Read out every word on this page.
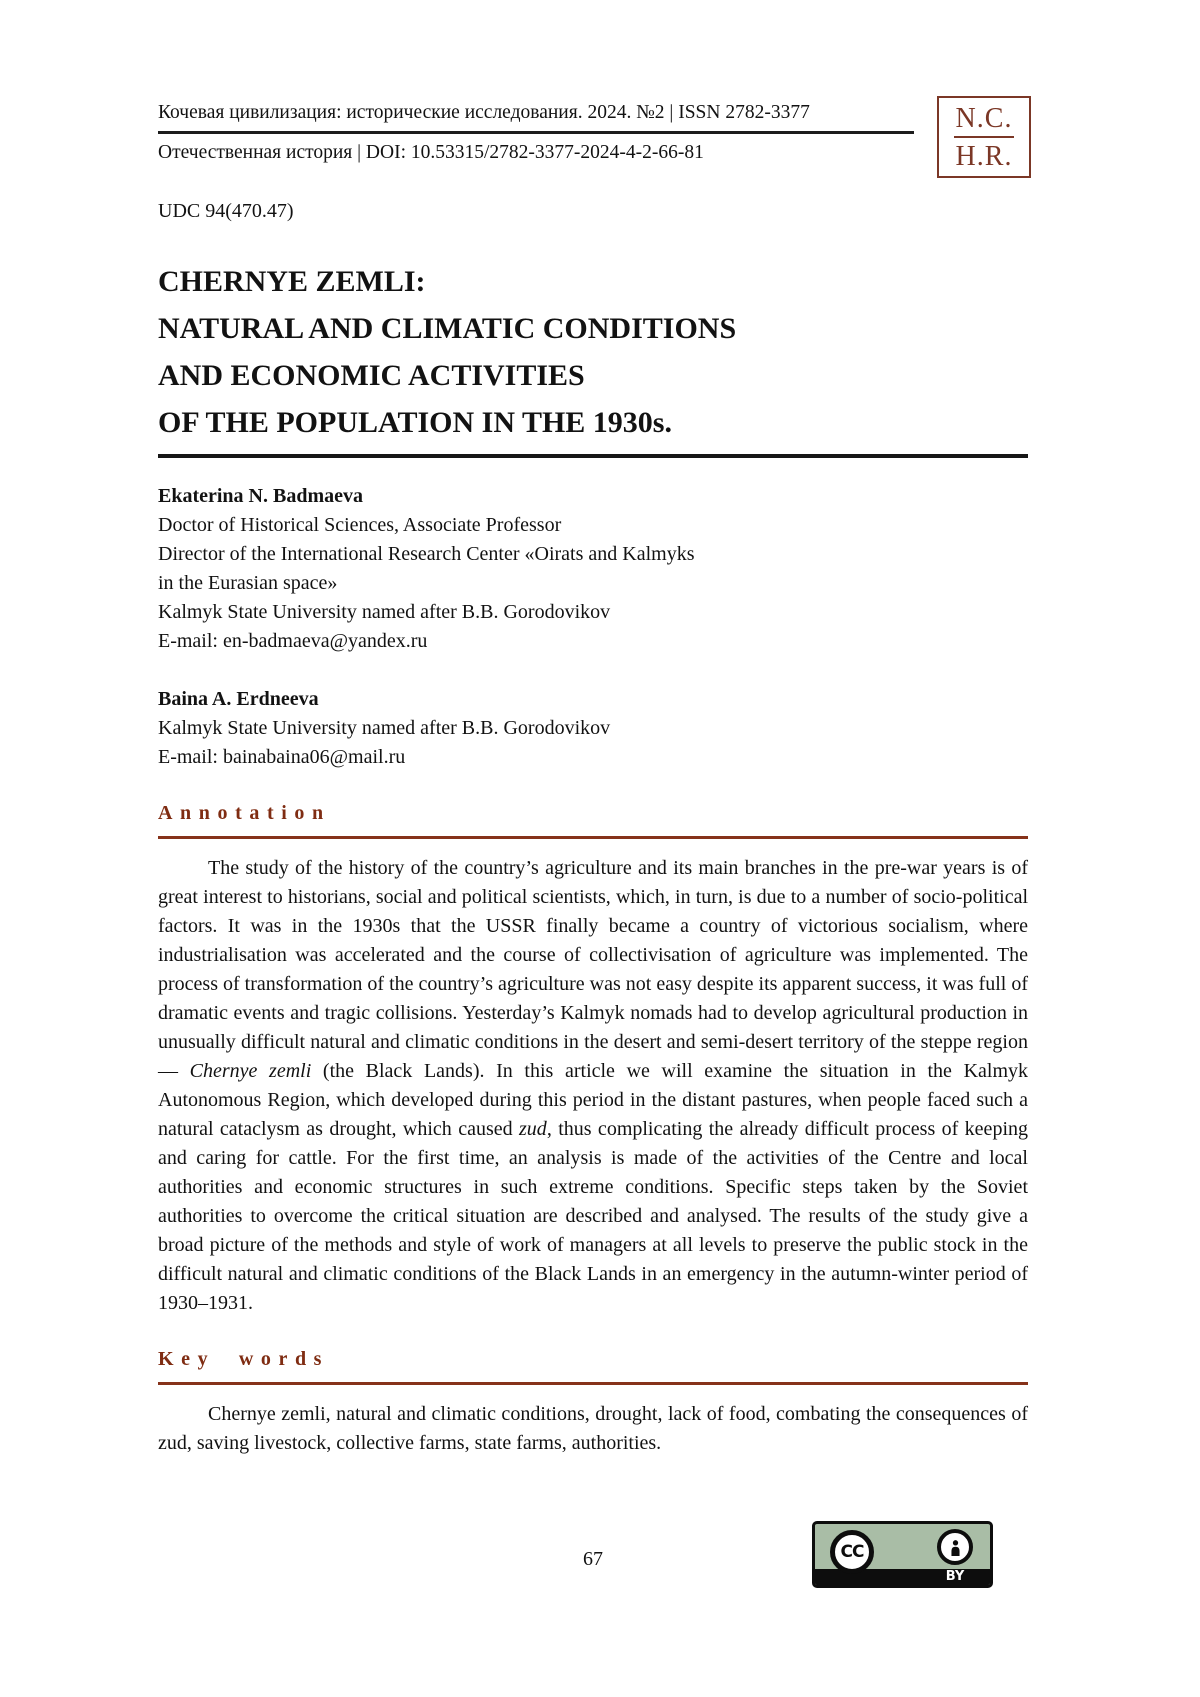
N.C.
H.R.
Кочевая цивилизация: исторические исследования. 2024. №2 | ISSN 2782-3377
Отечественная история | DOI: 10.53315/2782-3377-2024-4-2-66-81
UDC 94(470.47)
CHERNYE ZEMLI:
NATURAL AND CLIMATIC CONDITIONS
AND ECONOMIC ACTIVITIES
OF THE POPULATION IN THE 1930s.
Ekaterina N. Badmaeva
Doctor of Historical Sciences, Associate Professor
Director of the International Research Center «Oirats and Kalmyks
in the Eurasian space»
Kalmyk State University named after B.B. Gorodovikov
E-mail: en-badmaeva@yandex.ru
Baina A. Erdneeva
Kalmyk State University named after B.B. Gorodovikov
E-mail: bainabaina06@mail.ru
Annotation

The study of the history of the country’s agriculture and its main branches in the pre-war years is of great interest to historians, social and political scientists, which, in turn, is due to a number of socio-political factors. It was in the 1930s that the USSR finally became a country of victorious socialism, where industrialisation was accelerated and the course of collectivisation of agriculture was implemented. The process of transformation of the country’s agriculture was not easy despite its apparent success, it was full of dramatic events and tragic collisions. Yesterday’s Kalmyk nomads had to develop agricultural production in unusually difficult natural and climatic conditions in the desert and semi-desert territory of the steppe region — Chernye zemli (the Black Lands). In this article we will examine the situation in the Kalmyk Autonomous Region, which developed during this period in the distant pastures, when people faced such a natural cataclysm as drought, which caused zud, thus complicating the already difficult process of keeping and caring for cattle. For the first time, an analysis is made of the activities of the Centre and local authorities and economic structures in such extreme conditions. Specific steps taken by the Soviet authorities to overcome the critical situation are described and analysed. The results of the study give a broad picture of the methods and style of work of managers at all levels to preserve the public stock in the difficult natural and climatic conditions of the Black Lands in an emergency in the autumn-winter period of 1930–1931.

Key words

Chernye zemli, natural and climatic conditions, drought, lack of food, combating the consequences of zud, saving livestock, collective farms, state farms, authorities.

67	CC
BY
